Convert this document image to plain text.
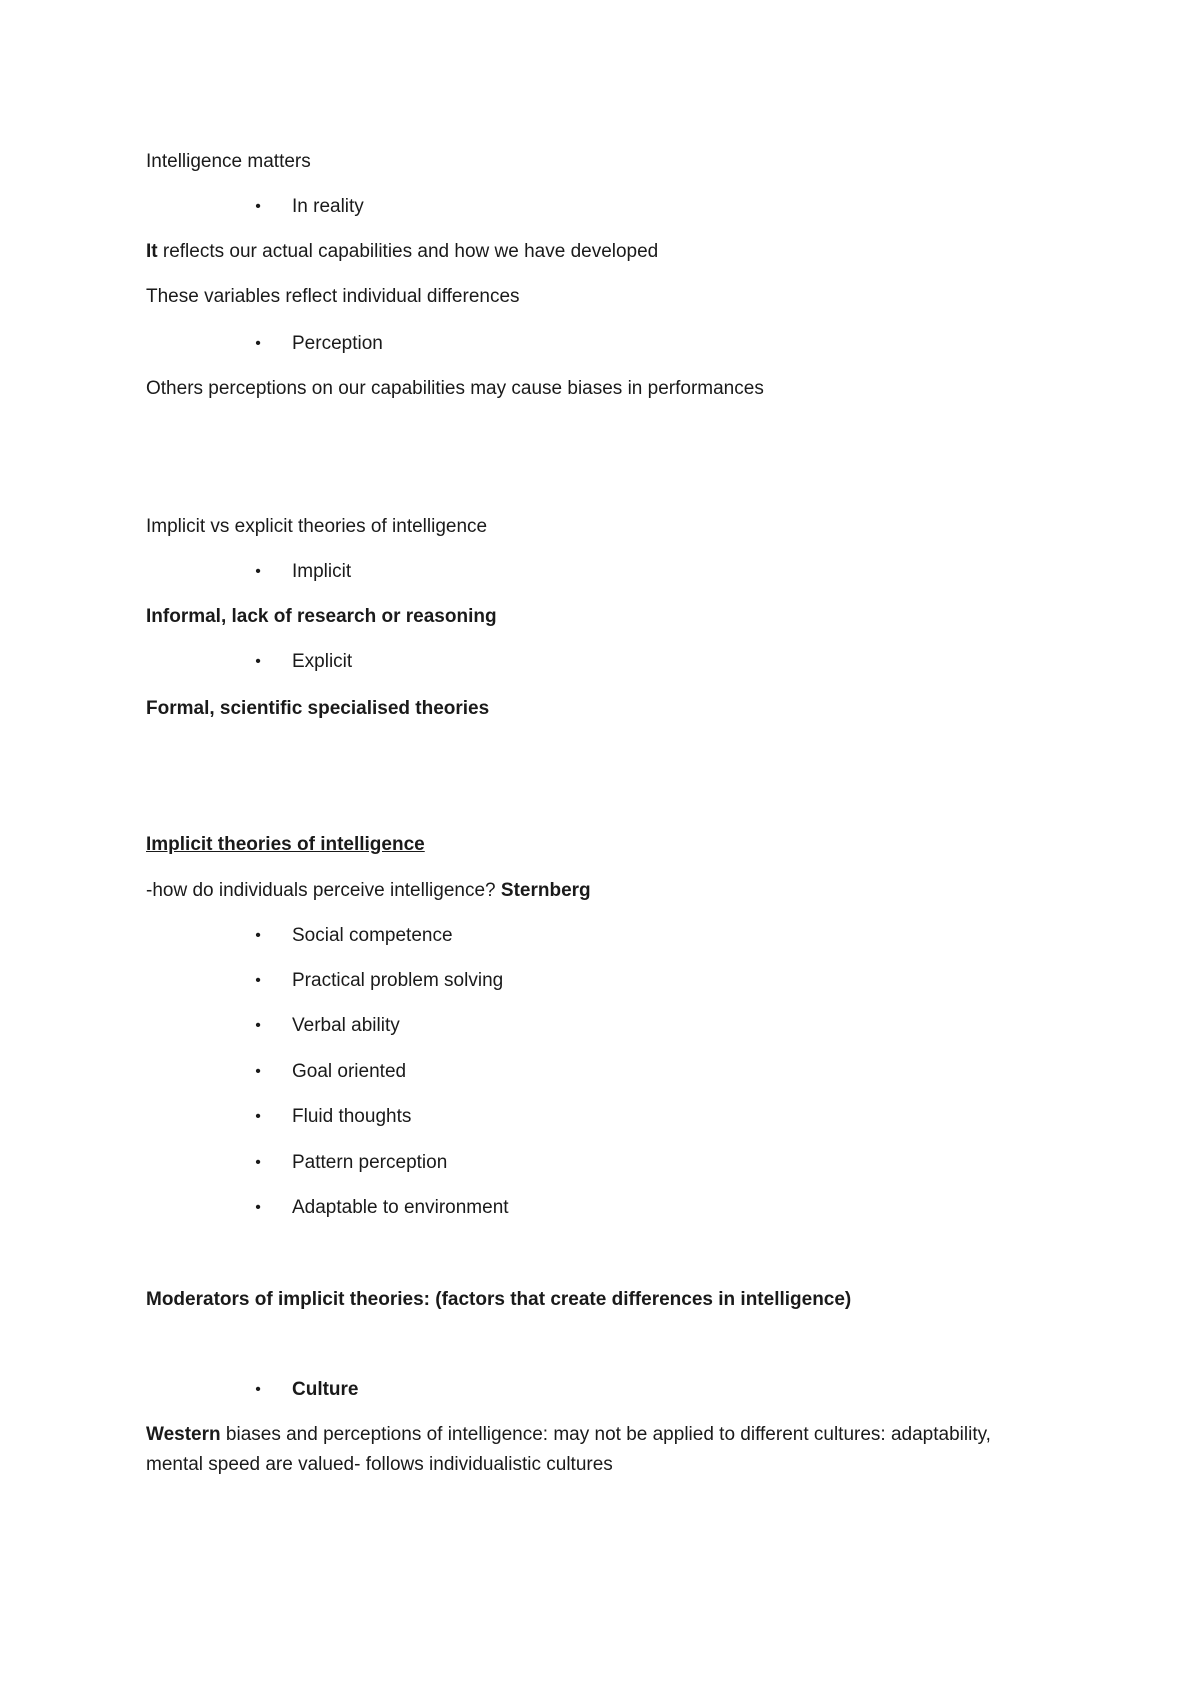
Intelligence matters
• In reality
It reflects our actual capabilities and how we have developed
These variables reflect individual differences
• Perception
Others perceptions on our capabilities may cause biases in performances
Implicit vs explicit theories of intelligence
• Implicit
Informal, lack of research or reasoning
• Explicit
Formal, scientific specialised theories
Implicit theories of intelligence
-how do individuals perceive intelligence? Sternberg
• Social competence
• Practical problem solving
• Verbal ability
• Goal oriented
• Fluid thoughts
• Pattern perception
• Adaptable to environment
Moderators of implicit theories: (factors that create differences in intelligence)
• Culture
Western biases and perceptions of intelligence: may not be applied to different cultures: adaptability, mental speed are valued- follows individualistic cultures
